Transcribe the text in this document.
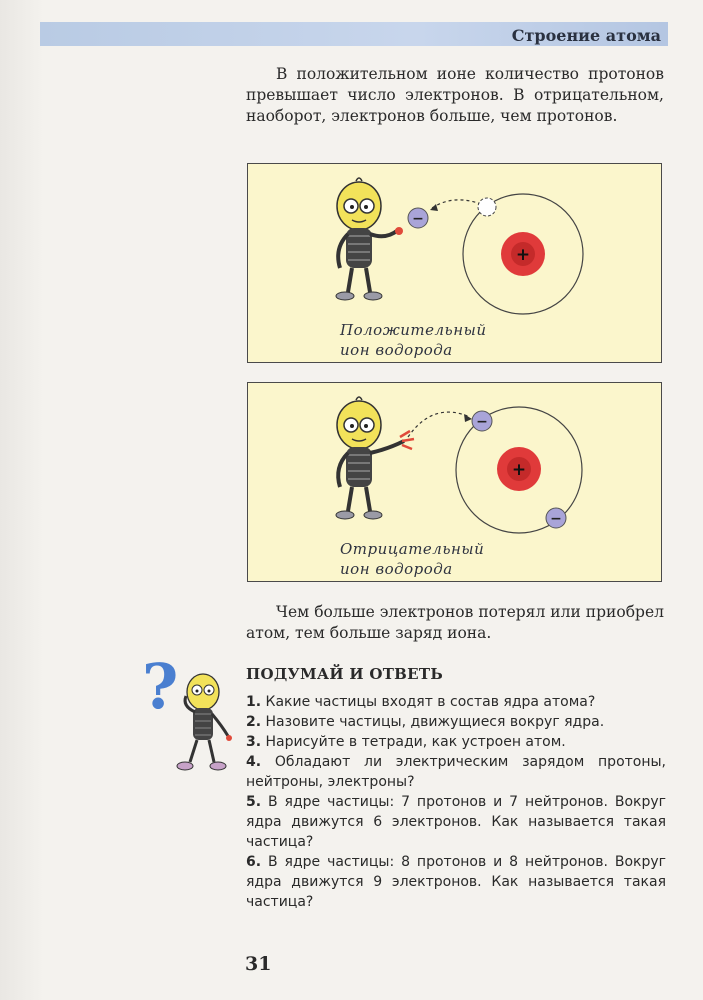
Строение атома

В положительном ионе количество протонов превышает число электронов. В отрицательном, наоборот, электронов больше, чем протонов.

−
+
Положительный
ион водорода
−
−
+
Отрицательный
ион водорода

Чем больше электронов потерял или приобрел атом, тем больше заряд иона.

?	ПОДУМАЙ И ОТВЕТЬ
1. Какие частицы входят в состав ядра атома?
2. Назовите частицы, движущиеся вокруг ядра.
3. Нарисуйте в тетради, как устроен атом.
4. Обладают ли электрическим зарядом протоны, нейтроны, электроны?
5. В ядре частицы: 7 протонов и 7 нейтронов. Вокруг ядра движутся 6 электронов. Как называется такая частица?
6. В ядре частицы: 8 протонов и 8 нейтронов. Вокруг ядра движутся 9 электронов. Как называется такая частица?
31
